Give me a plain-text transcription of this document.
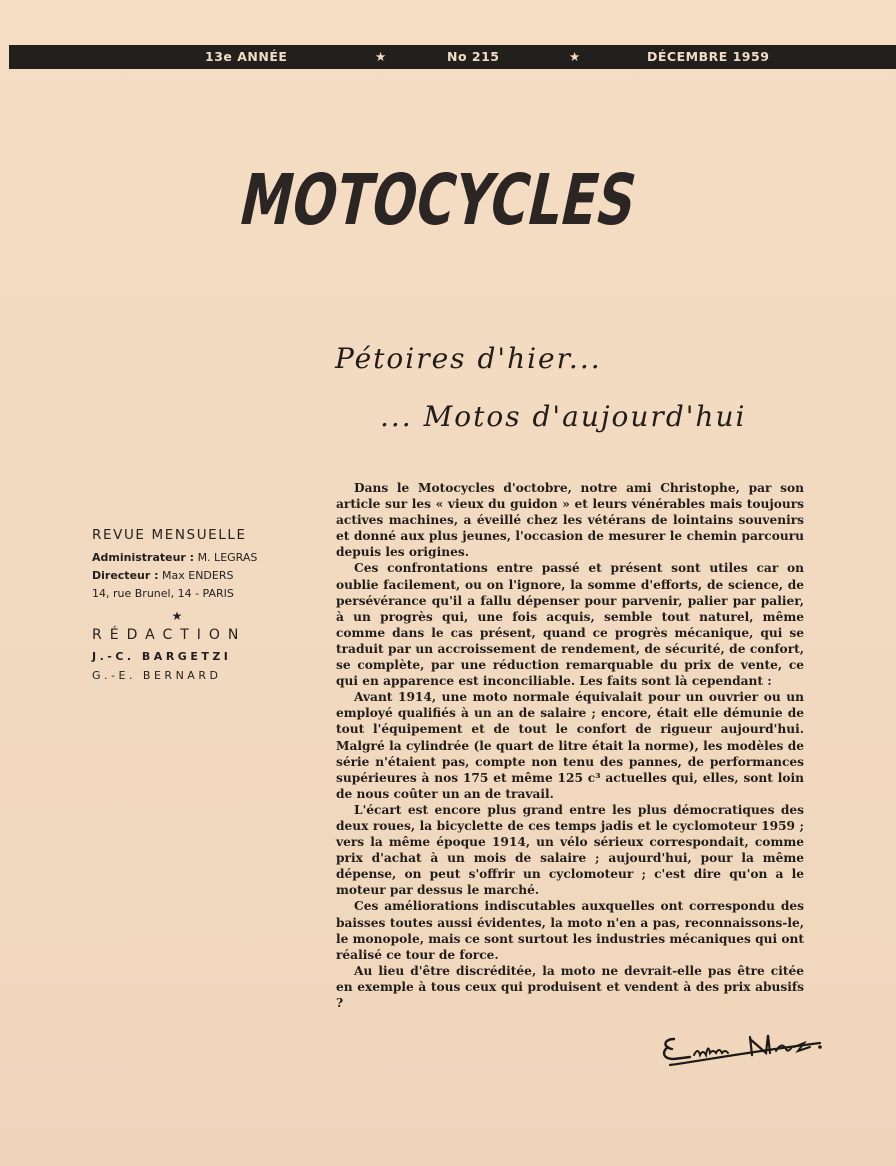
13e ANNÉE	★	No 215	★	DÉCEMBRE 1959
MOTOCYCLES
Pétoires d'hier...
... Motos d'aujourd'hui
REVUE MENSUELLE
Administrateur : M. LEGRAS
Directeur : Max ENDERS
14, rue Brunel, 14 - PARIS
★
RÉDACTION
J.-C. BARGETZI
G.-E. BERNARD

Dans le Motocycles d'octobre, notre ami Christophe, par son article sur les « vieux du guidon » et leurs vénérables mais toujours actives machines, a éveillé chez les vétérans de lointains souvenirs et donné aux plus jeunes, l'occasion de mesurer le chemin parcouru depuis les origines.

Ces confrontations entre passé et présent sont utiles car on oublie facilement, ou on l'ignore, la somme d'efforts, de science, de persévérance qu'il a fallu dépenser pour parvenir, palier par palier, à un progrès qui, une fois acquis, semble tout naturel, même comme dans le cas présent, quand ce progrès mécanique, qui se traduit par un accroissement de rendement, de sécurité, de confort, se complète, par une réduction remarquable du prix de vente, ce qui en apparence est inconciliable. Les faits sont là cependant :

Avant 1914, une moto normale équivalait pour un ouvrier ou un employé qualifiés à un an de salaire ; encore, était elle démunie de tout l'équipement et de tout le confort de rigueur aujourd'hui. Malgré la cylindrée (le quart de litre était la norme), les modèles de série n'étaient pas, compte non tenu des pannes, de performances supérieures à nos 175 et même 125 c³ actuelles qui, elles, sont loin de nous coûter un an de travail.

L'écart est encore plus grand entre les plus démocratiques des deux roues, la bicyclette de ces temps jadis et le cyclomoteur 1959 ; vers la même époque 1914, un vélo sérieux correspondait, comme prix d'achat à un mois de salaire ; aujourd'hui, pour la même dépense, on peut s'offrir un cyclomoteur ; c'est dire qu'on a le moteur par dessus le marché.

Ces améliorations indiscutables auxquelles ont correspondu des baisses toutes aussi évidentes, la moto n'en a pas, reconnaissons-le, le monopole, mais ce sont surtout les industries mécaniques qui ont réalisé ce tour de force.

Au lieu d'être discréditée, la moto ne devrait-elle pas être citée en exemple à tous ceux qui produisent et vendent à des prix abusifs ?
